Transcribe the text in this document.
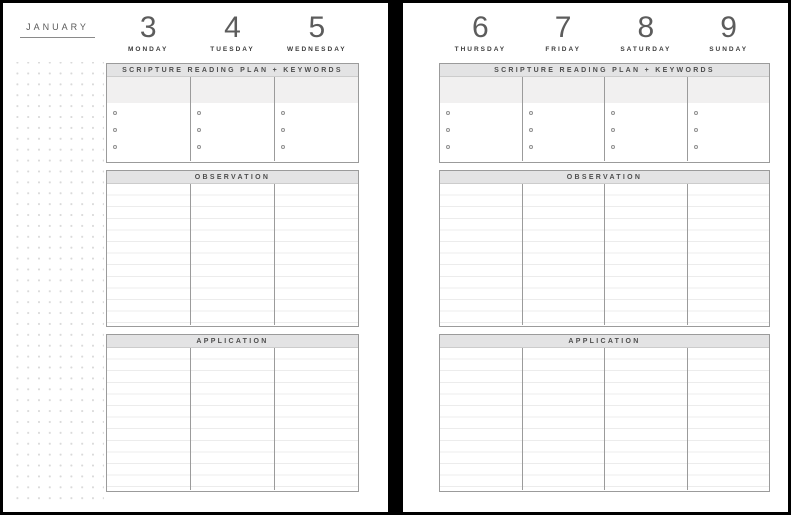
JANUARY	3
MONDAY
4
TUESDAY
5
WEDNESDAY
SCRIPTURE READING PLAN + KEYWORDS
OBSERVATION
APPLICATION
6
THURSDAY
7
FRIDAY
8
SATURDAY
9
SUNDAY
SCRIPTURE READING PLAN + KEYWORDS
OBSERVATION
APPLICATION
